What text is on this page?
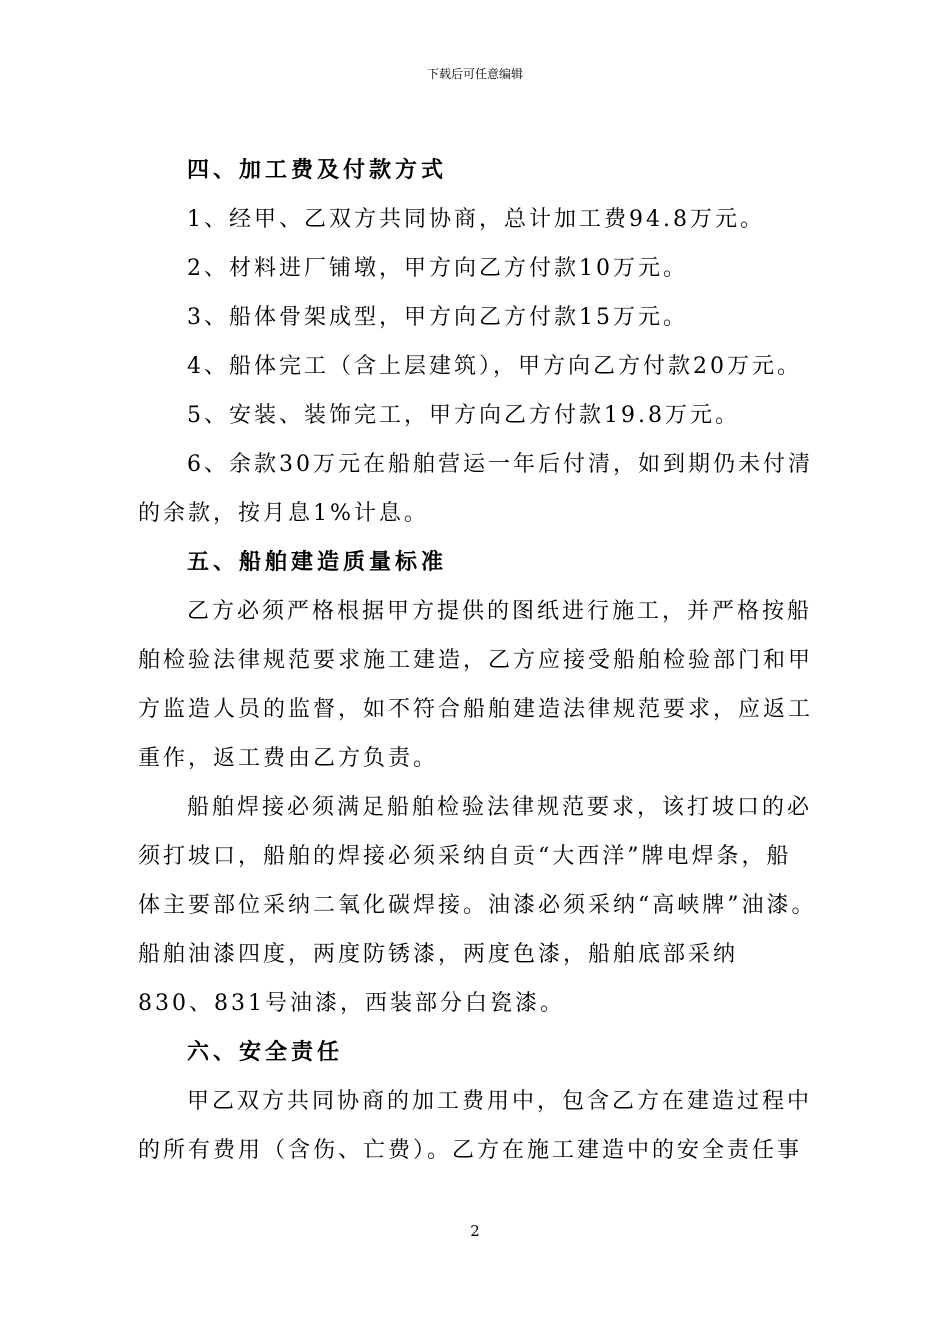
下载后可任意编辑
四、加工费及付款方式
1、经甲、乙双方共同协商，总计加工费94.8万元。
2、材料进厂铺墩，甲方向乙方付款10万元。
3、船体骨架成型，甲方向乙方付款15万元。
4、船体完工（含上层建筑），甲方向乙方付款20万元。
5、安装、装饰完工，甲方向乙方付款19.8万元。
6、余款30万元在船舶营运一年后付清，如到期仍未付清
的余款，按月息1%计息。
五、船舶建造质量标准
乙方必须严格根据甲方提供的图纸进行施工，并严格按船
舶检验法律规范要求施工建造，乙方应接受船舶检验部门和甲
方监造人员的监督，如不符合船舶建造法律规范要求，应返工
重作，返工费由乙方负责。
船舶焊接必须满足船舶检验法律规范要求，该打坡口的必
须打坡口，船舶的焊接必须采纳自贡“大西洋”牌电焊条，船
体主要部位采纳二氧化碳焊接。油漆必须采纳“高峡牌”油漆。
船舶油漆四度，两度防锈漆，两度色漆，船舶底部采纳
830、831号油漆，西装部分白瓷漆。
六、安全责任
甲乙双方共同协商的加工费用中，包含乙方在建造过程中
的所有费用（含伤、亡费）。乙方在施工建造中的安全责任事
2
